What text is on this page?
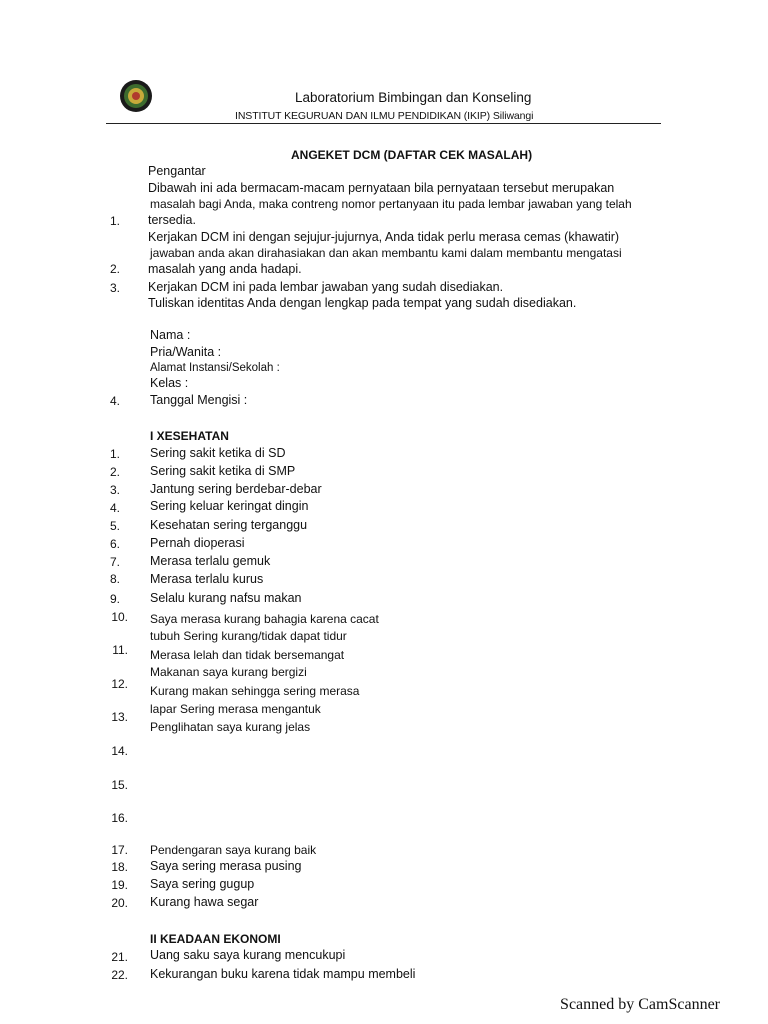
Laboratorium Bimbingan dan Konseling
INSTITUT KEGURUAN DAN ILMU PENDIDIKAN (IKIP) Siliwangi
ANGEKET DCM (DAFTAR CEK MASALAH)
Pengantar
Dibawah ini ada bermacam-macam pernyataan bila pernyataan tersebut merupakan
masalah bagi Anda, maka contreng nomor pertanyaan itu pada lembar jawaban yang telah
tersedia.
Kerjakan DCM ini dengan sejujur-jujurnya, Anda tidak perlu merasa cemas (khawatir)
jawaban anda akan dirahasiakan dan akan membantu kami dalam membantu mengatasi
masalah yang anda hadapi.
Kerjakan DCM ini pada lembar jawaban yang sudah disediakan.
Tuliskan identitas Anda dengan lengkap pada tempat yang sudah disediakan.
1.
2.
3.
4.
Nama :
Pria/Wanita :
Alamat Instansi/Sekolah :
Kelas :
Tanggal Mengisi :
I XESEHATAN
1.
2.
3.
4.
5.
6.
7.
8.
9.
10.
11.
12.
13.
14.
15.
16.
17.
18.
19.
20.
Sering sakit ketika di SD
Sering sakit ketika di SMP
Jantung sering berdebar-debar
Sering keluar keringat dingin
Kesehatan sering terganggu
Pernah dioperasi
Merasa terlalu gemuk
Merasa terlalu kurus
Selalu kurang nafsu makan
Saya merasa kurang bahagia karena cacat
tubuh Sering kurang/tidak dapat tidur
Merasa lelah dan tidak bersemangat
Makanan saya kurang bergizi
Kurang makan sehingga sering merasa
lapar Sering merasa mengantuk
Penglihatan saya kurang jelas
Pendengaran saya kurang baik
Saya sering merasa pusing
Saya sering gugup
Kurang hawa segar
II KEADAAN EKONOMI
21.
22.
Uang saku saya kurang mencukupi
Kekurangan buku karena tidak mampu membeli
Scanned by CamScanner
